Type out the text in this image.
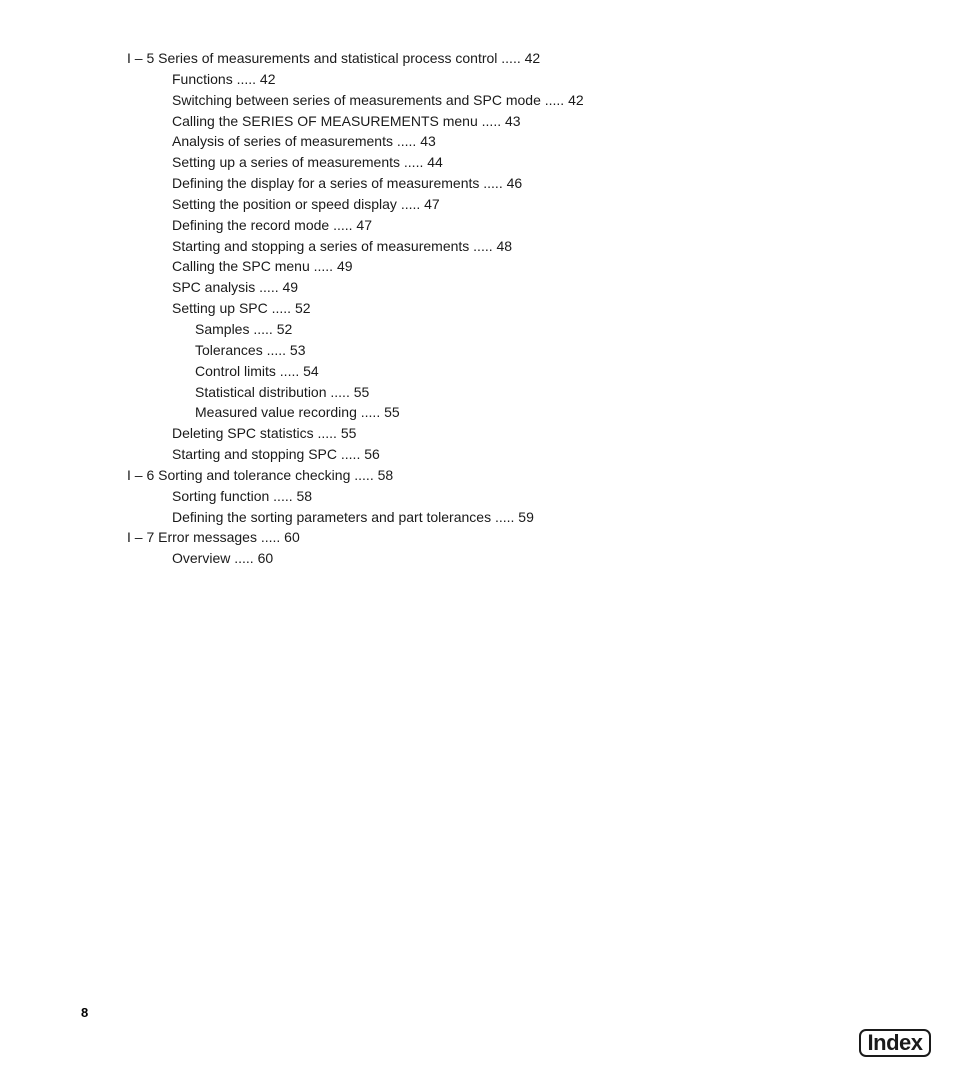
I – 5 Series of measurements and statistical process control ..... 42
Functions ..... 42
Switching between series of measurements and SPC mode ..... 42
Calling the SERIES OF MEASUREMENTS menu ..... 43
Analysis of series of measurements ..... 43
Setting up a series of measurements ..... 44
Defining the display for a series of measurements ..... 46
Setting the position or speed display ..... 47
Defining the record mode ..... 47
Starting and stopping a series of measurements ..... 48
Calling the SPC menu ..... 49
SPC analysis ..... 49
Setting up SPC ..... 52
Samples ..... 52
Tolerances ..... 53
Control limits ..... 54
Statistical distribution ..... 55
Measured value recording ..... 55
Deleting SPC statistics ..... 55
Starting and stopping SPC ..... 56
I – 6 Sorting and tolerance checking ..... 58
Sorting function ..... 58
Defining the sorting parameters and part tolerances ..... 59
I – 7 Error messages ..... 60
Overview ..... 60
8
Index
